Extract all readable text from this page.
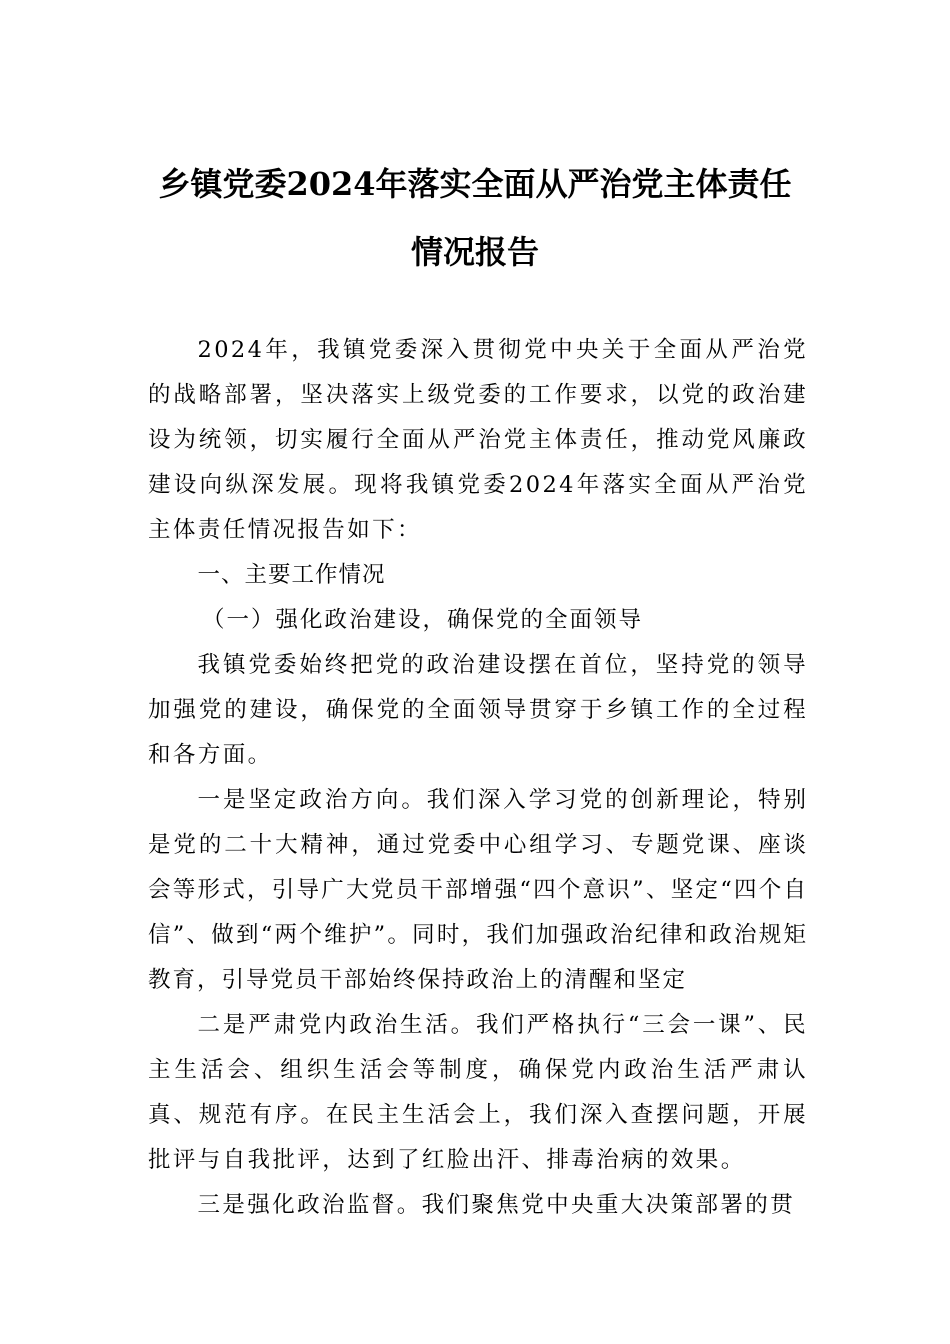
乡镇党委2024年落实全面从严治党主体责任情况报告

2024年，我镇党委深入贯彻党中央关于全面从严治党的战略部署，坚决落实上级党委的工作要求，以党的政治建设为统领，切实履行全面从严治党主体责任，推动党风廉政建设向纵深发展。现将我镇党委2024年落实全面从严治党主体责任情况报告如下：

一、主要工作情况

（一）强化政治建设，确保党的全面领导

我镇党委始终把党的政治建设摆在首位，坚持党的领导加强党的建设，确保党的全面领导贯穿于乡镇工作的全过程和各方面。

一是坚定政治方向。我们深入学习党的创新理论，特别是党的二十大精神，通过党委中心组学习、专题党课、座谈会等形式，引导广大党员干部增强“四个意识”、坚定“四个自信”、做到“两个维护”。同时，我们加强政治纪律和政治规矩教育，引导党员干部始终保持政治上的清醒和坚定

二是严肃党内政治生活。我们严格执行“三会一课”、民主生活会、组织生活会等制度，确保党内政治生活严肃认真、规范有序。在民主生活会上，我们深入查摆问题，开展批评与自我批评，达到了红脸出汗、排毒治病的效果。

三是强化政治监督。我们聚焦党中央重大决策部署的贯
